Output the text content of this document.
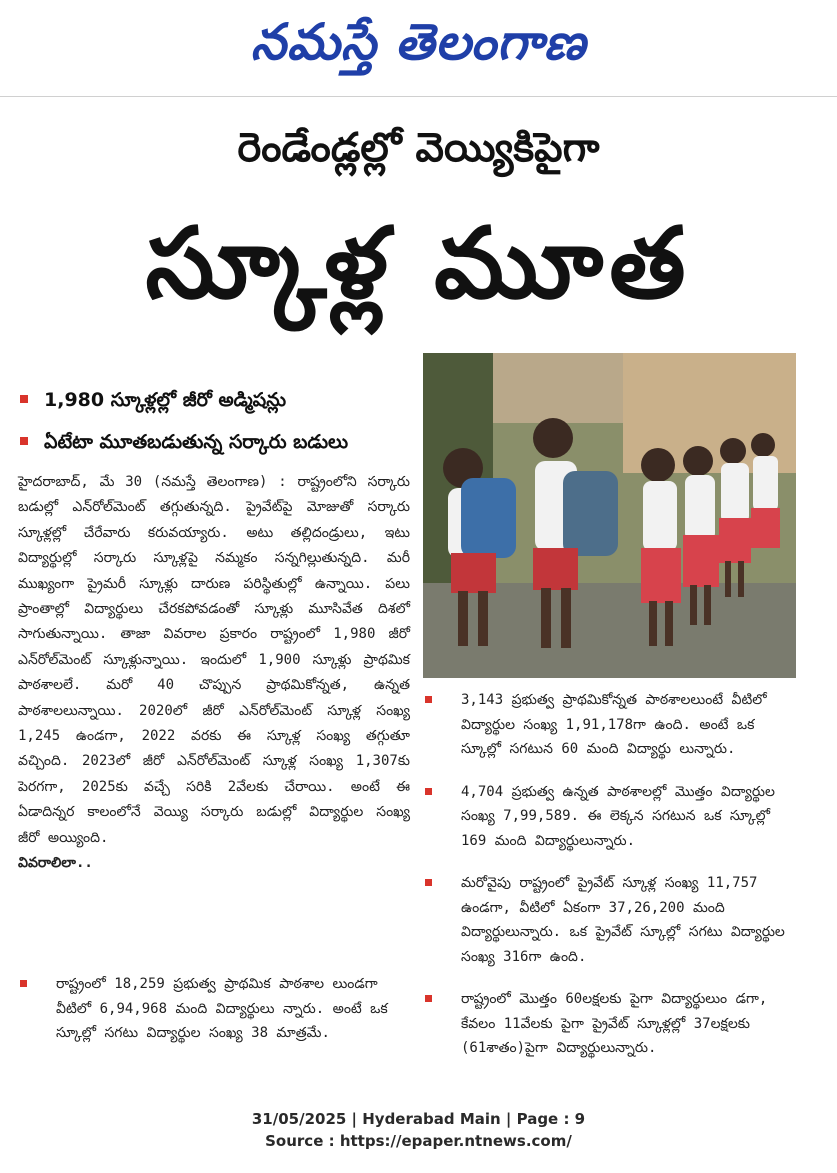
నమస్తే తెలంగాణ
రెండేండ్లల్లో వెయ్యికిపైగా
స్కూళ్ల మూత
1,980 స్కూళ్లల్లో జీరో అడ్మిషన్లు
ఏటేటా మూతబడుతున్న సర్కారు బడులు

హైదరాబాద్, మే 30 (నమస్తే తెలంగాణ) : రాష్ట్రంలోని సర్కారు బడుల్లో ఎన్‌రోల్‌మెంట్ తగ్గుతున్నది. ప్రైవేట్‌పై మోజుతో సర్కారు స్కూళ్లల్లో చేరేవారు కరువయ్యారు. అటు తల్లిదండ్రులు, ఇటు విద్యార్థుల్లో సర్కారు స్కూళ్లపై నమ్మకం సన్నగిల్లుతున్నది. మరీ ముఖ్యంగా ప్రైమరీ స్కూళ్లు దారుణ పరిస్థితుల్లో ఉన్నాయి. పలు ప్రాంతాల్లో విద్యార్థులు చేరకపోవడంతో స్కూళ్లు మూసివేత దిశలో సాగుతున్నాయి. తాజా వివరాల ప్రకారం రాష్ట్రంలో 1,980 జీరో ఎన్‌రోల్‌మెంట్ స్కూళ్లున్నాయి. ఇందులో 1,900 స్కూళ్లు ప్రాథమిక పాఠశాలలే. మరో 40 చొప్పున ప్రాథమికోన్నత, ఉన్నత పాఠశాలలున్నాయి. 2020లో జీరో ఎన్‌రోల్‌మెంట్ స్కూళ్ల సంఖ్య 1,245 ఉండగా, 2022 వరకు ఈ స్కూళ్ల సంఖ్య తగ్గుతూ వచ్చింది. 2023లో జీరో ఎన్‌రోల్‌మెంట్ స్కూళ్ల సంఖ్య 1,307కు పెరగగా, 2025కు వచ్చే సరికి 2వేలకు చేరాయి. అంటే ఈ ఏడాదిన్నర కాలంలోనే వెయ్యి సర్కారు బడుల్లో విద్యార్థుల సంఖ్య జీరో అయ్యింది.

వివరాలిలా..

రాష్ట్రంలో 18,259 ప్రభుత్వ ప్రాథమిక పాఠశాల లుండగా వీటిలో 6,94,968 మంది విద్యార్థులు న్నారు. అంటే ఒక స్కూల్లో సగటు విద్యార్థుల సంఖ్య 38 మాత్రమే.
3,143 ప్రభుత్వ ప్రాథమికోన్నత పాఠశాలలుంటే వీటిలో విద్యార్థుల సంఖ్య 1,91,178గా ఉంది. అంటే ఒక స్కూల్లో సగటున 60 మంది విద్యార్థు లున్నారు.
4,704 ప్రభుత్వ ఉన్నత పాఠశాలల్లో మొత్తం విద్యార్థుల సంఖ్య 7,99,589. ఈ లెక్కన సగటున ఒక స్కూల్లో 169 మంది విద్యార్థులున్నారు.
మరోవైపు రాష్ట్రంలో ప్రైవేట్ స్కూళ్ల సంఖ్య 11,757 ఉండగా, వీటిలో ఏకంగా 37,26,200 మంది విద్యార్థులున్నారు. ఒక ప్రైవేట్ స్కూల్లో సగటు విద్యార్థుల సంఖ్య 316గా ఉంది.
రాష్ట్రంలో మొత్తం 60లక్షలకు పైగా విద్యార్థులుం డగా, కేవలం 11వేలకు పైగా ప్రైవేట్ స్కూళ్లల్లో 37లక్షలకు (61శాతం)పైగా విద్యార్థులున్నారు.
31/05/2025 | Hyderabad Main | Page : 9
Source : https://epaper.ntnews.com/
